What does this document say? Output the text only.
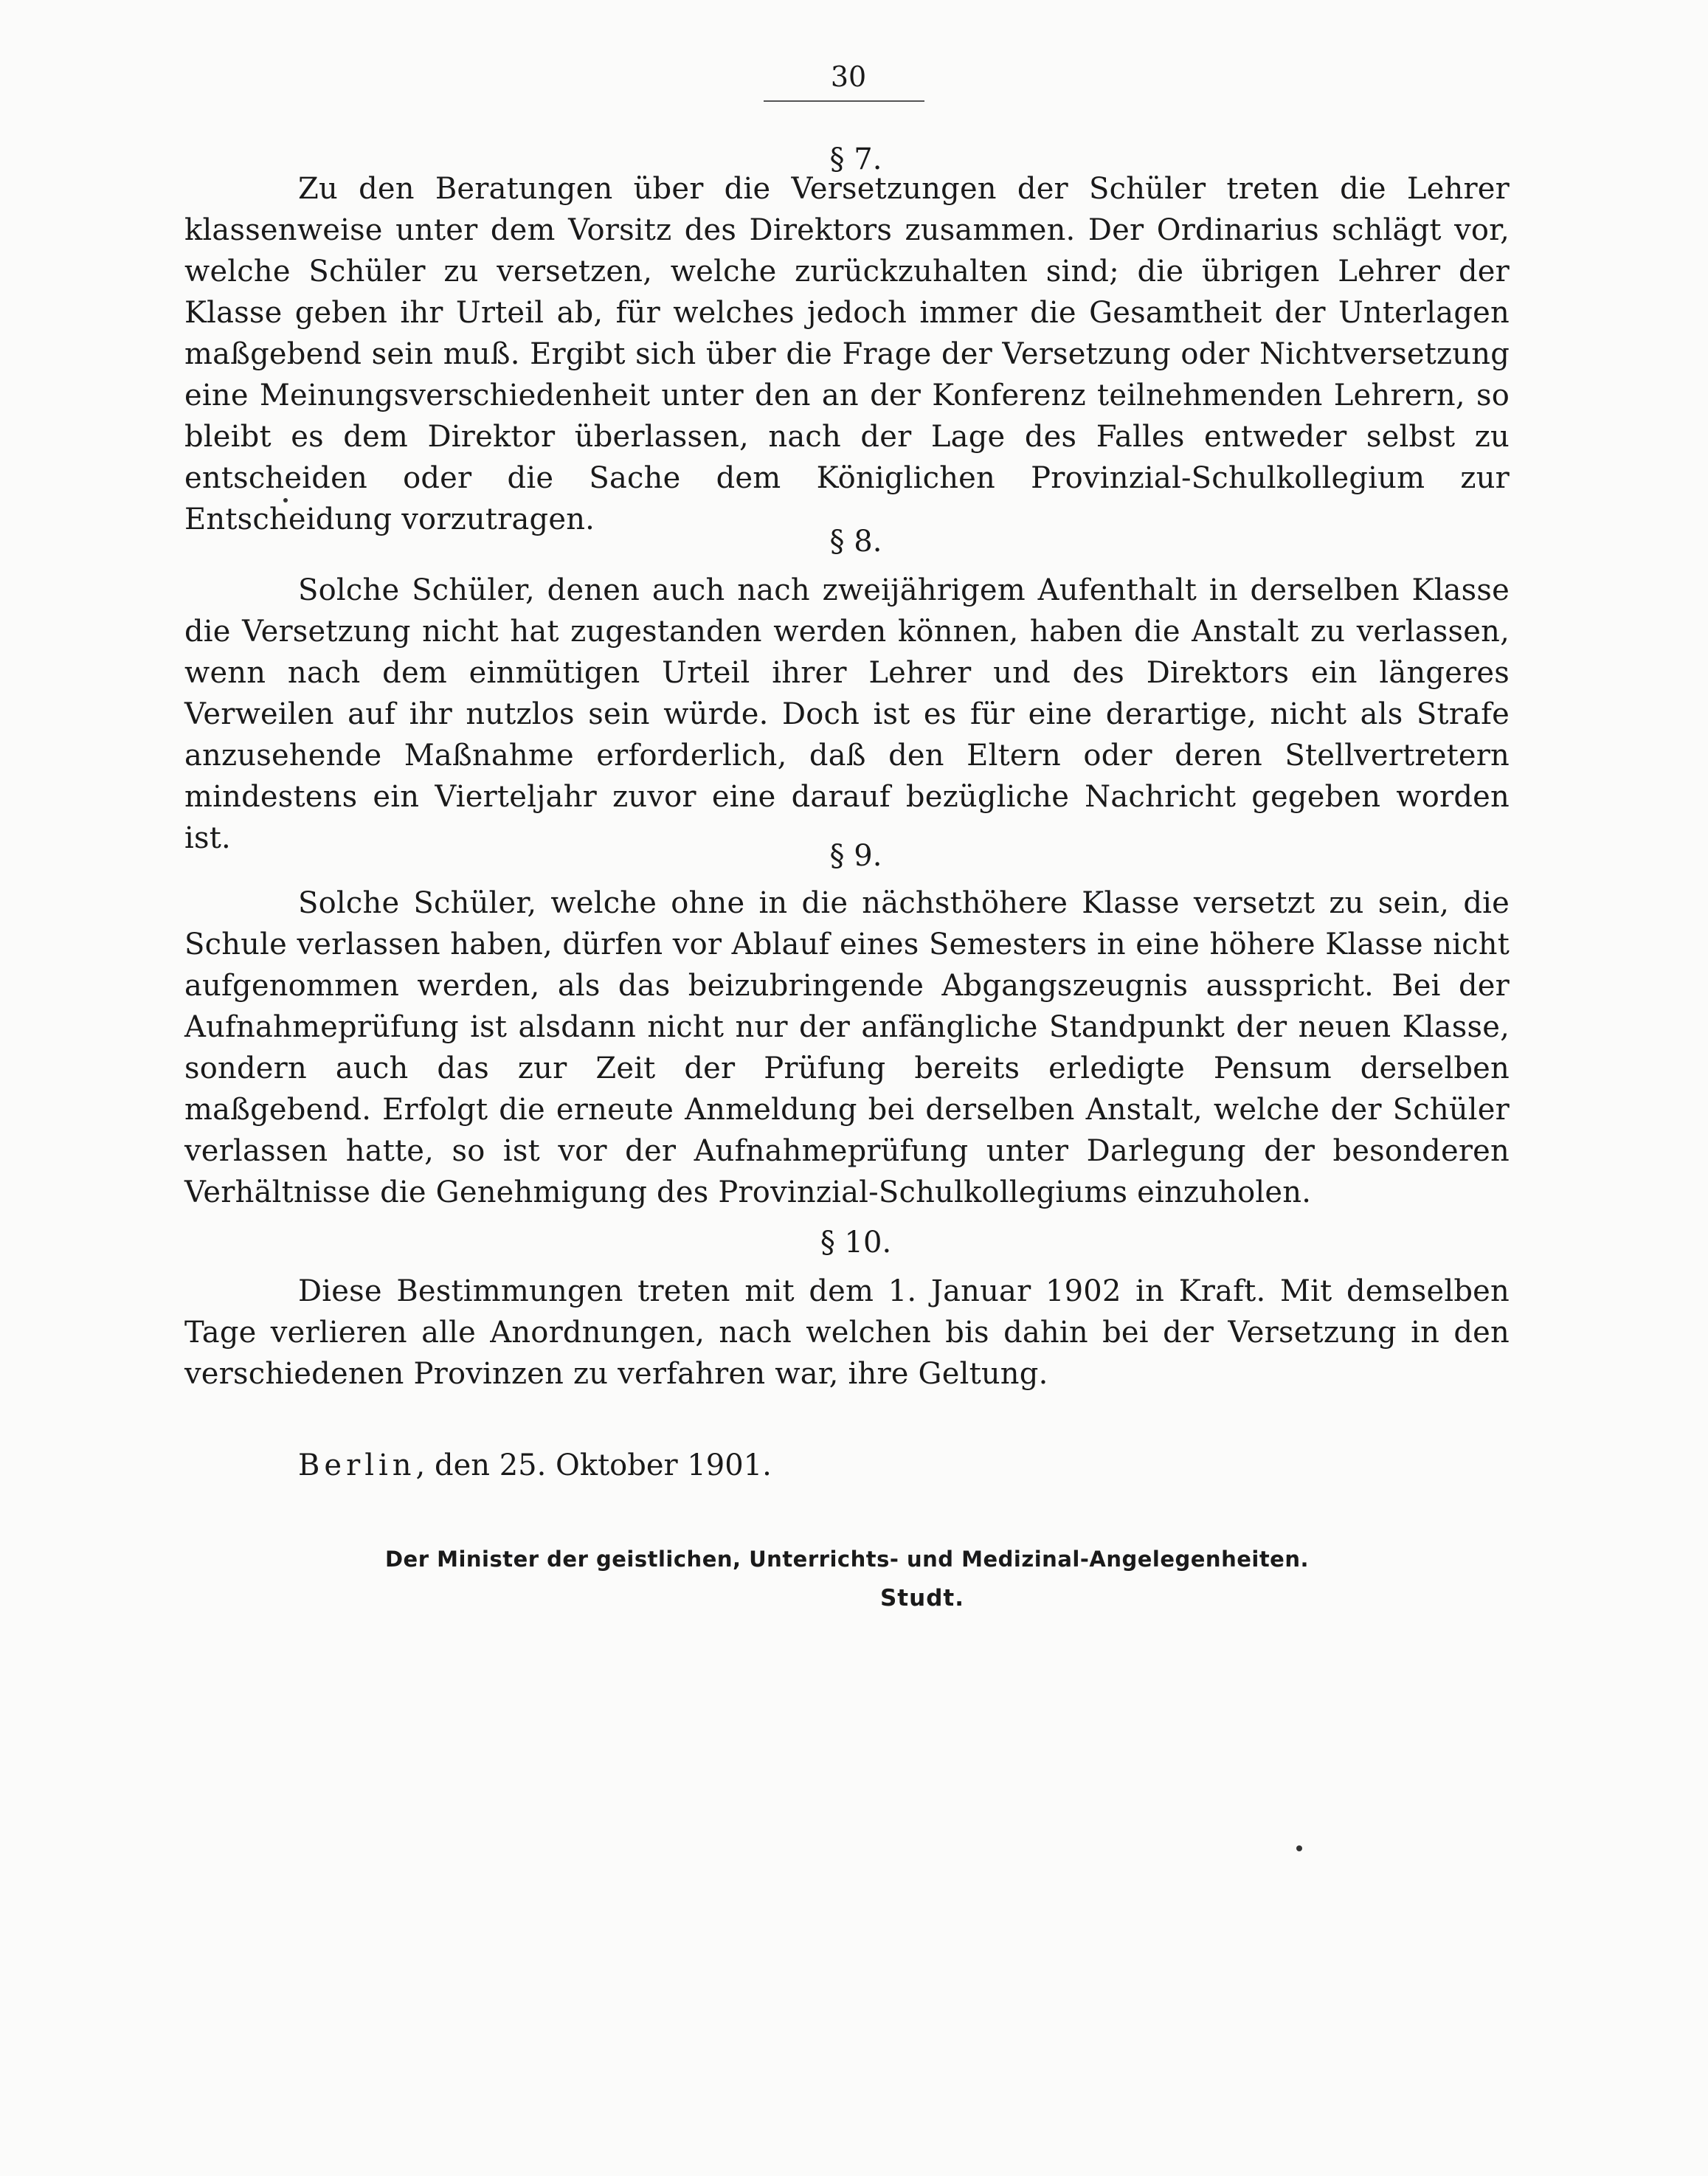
30
§ 7.

Zu den Beratungen über die Versetzungen der Schüler treten die Lehrer klassenweise unter dem Vorsitz des Direktors zusammen. Der Ordinarius schlägt vor, welche Schüler zu versetzen, welche zurückzuhalten sind; die übrigen Lehrer der Klasse geben ihr Urteil ab, für welches jedoch immer die Gesamtheit der Unterlagen maßgebend sein muß. Ergibt sich über die Frage der Versetzung oder Nichtversetzung eine Meinungsverschiedenheit unter den an der Konferenz teilnehmenden Lehrern, so bleibt es dem Direktor überlassen, nach der Lage des Falles entweder selbst zu entscheiden oder die Sache dem Königlichen Provinzial-Schulkollegium zur Entscheidung vorzutragen.

§ 8.

Solche Schüler, denen auch nach zweijährigem Aufenthalt in derselben Klasse die Versetzung nicht hat zugestanden werden können, haben die Anstalt zu verlassen, wenn nach dem einmütigen Urteil ihrer Lehrer und des Direktors ein längeres Verweilen auf ihr nutzlos sein würde. Doch ist es für eine derartige, nicht als Strafe anzusehende Maßnahme erforderlich, daß den Eltern oder deren Stellvertretern mindestens ein Vierteljahr zuvor eine darauf bezügliche Nachricht gegeben worden ist.

§ 9.

Solche Schüler, welche ohne in die nächsthöhere Klasse versetzt zu sein, die Schule verlassen haben, dürfen vor Ablauf eines Semesters in eine höhere Klasse nicht aufgenommen werden, als das beizubringende Abgangszeugnis ausspricht. Bei der Aufnahmeprüfung ist alsdann nicht nur der anfängliche Standpunkt der neuen Klasse, sondern auch das zur Zeit der Prüfung bereits erledigte Pensum derselben maßgebend. Erfolgt die erneute Anmeldung bei derselben Anstalt, welche der Schüler verlassen hatte, so ist vor der Aufnahmeprüfung unter Darlegung der besonderen Verhältnisse die Genehmigung des Provinzial-Schulkollegiums einzuholen.

§ 10.

Diese Bestimmungen treten mit dem 1. Januar 1902 in Kraft. Mit demselben Tage verlieren alle Anordnungen, nach welchen bis dahin bei der Versetzung in den verschiedenen Provinzen zu verfahren war, ihre Geltung.

Berlin, den 25. Oktober 1901.
Der Minister der geistlichen, Unterrichts- und Medizinal-Angelegenheiten.
Studt.
